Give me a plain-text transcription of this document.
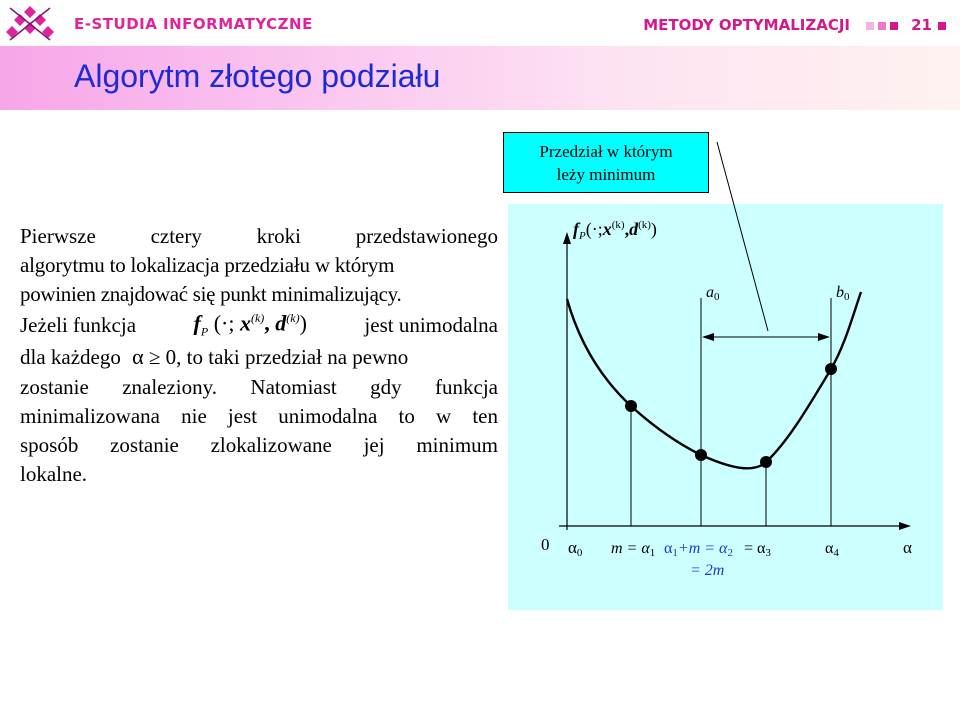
E-STUDIA INFORMATYCZNE	METODY OPTYMALIZACJI	21
Algorytm złotego podziału
Pierwsze cztery kroki przedstawionego
algorytmu to lokalizacja przedziału w którym
powinien znajdować się punkt minimalizujący.
Jeżeli funkcja	$f_P$ (·; $x^{(k)}$, $d^{(k)}$)	jest unimodalna
dla każdego α ≥ 0, to taki przedział na pewno
zostanie znaleziony. Natomiast gdy funkcja
minimalizowana nie jest unimodalna to w ten
sposób zostanie zlokalizowane jej minimum
lokalne.
Przedział w którym
leży minimum
$f_P(\cdot;x^{(k)},d^{(k)})$
a0	b0
0 α0 m = α1 α1+m = α2 = α3	α4	α
= 2m
